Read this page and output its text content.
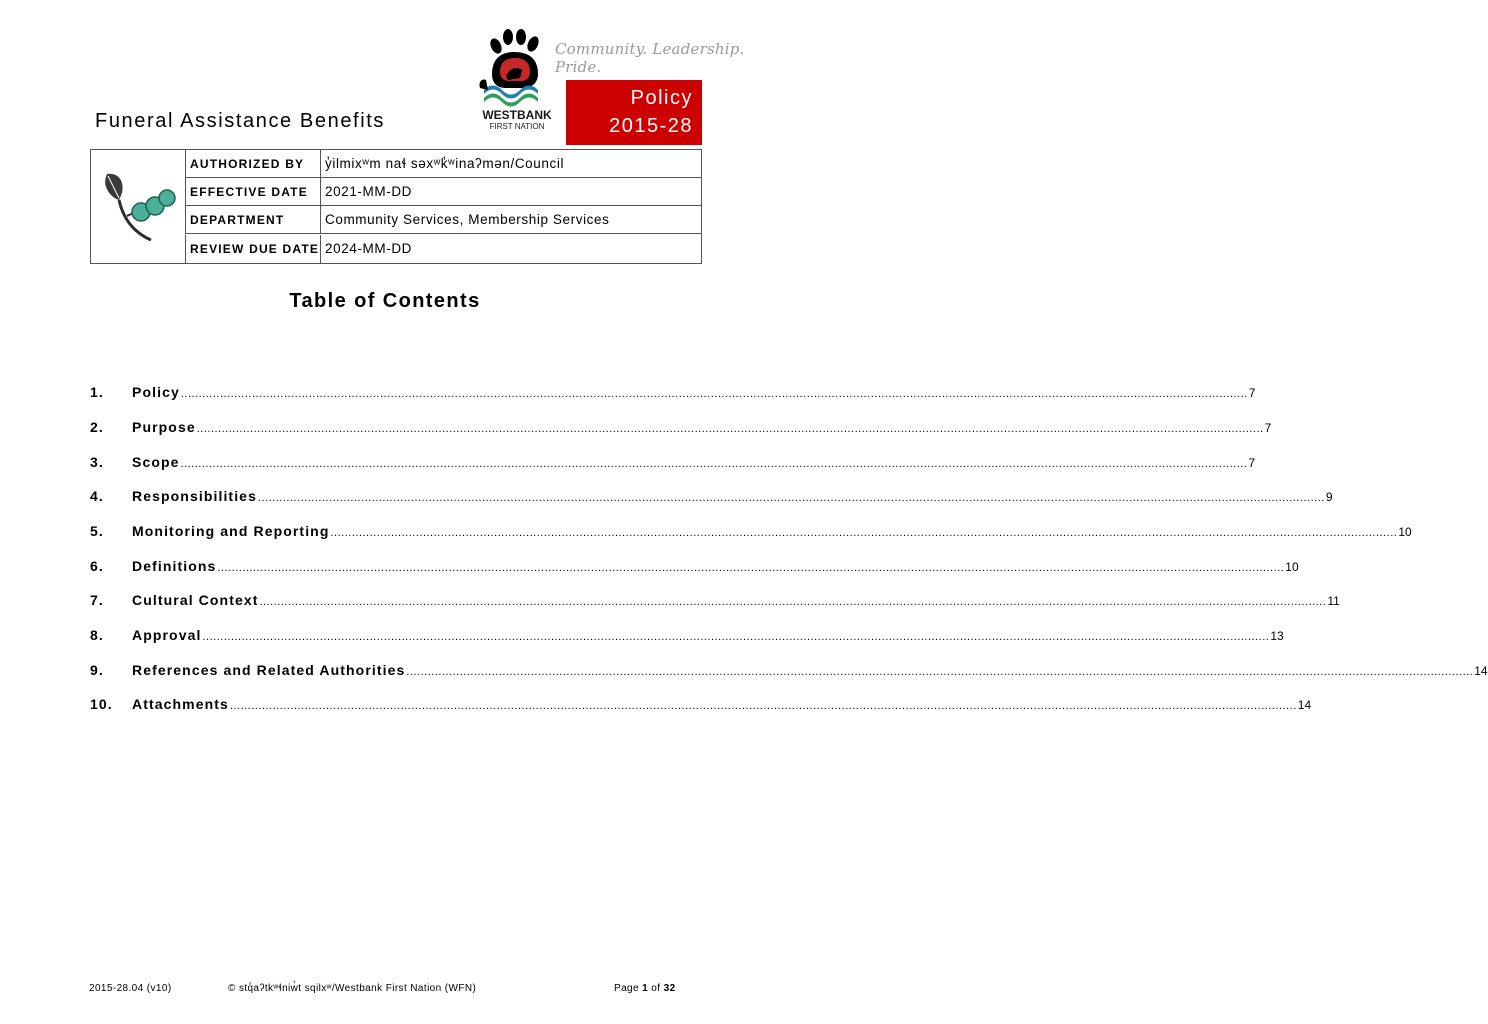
Funeral Assistance Benefits	WESTBANK
FIRST NATION
Community. Leadership. Pride.
Policy
2015-28
AUTHORIZED BY	y̓ilmixʷm naɬ səxʷk̓ʷinaʔmən/Council
EFFECTIVE DATE	2021-MM-DD
DEPARTMENT	Community Services, Membership Services
REVIEW DUE DATE 2024-MM-DD
Table of Contents
1. Policy ............................................................................................................................................................................................................................................................................................................ 7
2. Purpose ............................................................................................................................................................................................................................................................................................................ 7
3. Scope ............................................................................................................................................................................................................................................................................................................ 7
4. Responsibilities ............................................................................................................................................................................................................................................................................................................ 9
5. Monitoring and Reporting ............................................................................................................................................................................................................................................................................................................ 10
6. Definitions ............................................................................................................................................................................................................................................................................................................ 10
7. Cultural Context ............................................................................................................................................................................................................................................................................................................ 11
8. Approval ............................................................................................................................................................................................................................................................................................................ 13
9. References and Related Authorities ............................................................................................................................................................................................................................................................................................................ 14
10. Attachments ............................................................................................................................................................................................................................................................................................................ 14
2015-28.04 (v10)	© stq̓aʔtkʷɬniw̓t sqilxʷ/Westbank First Nation (WFN)	Page 1 of 32
